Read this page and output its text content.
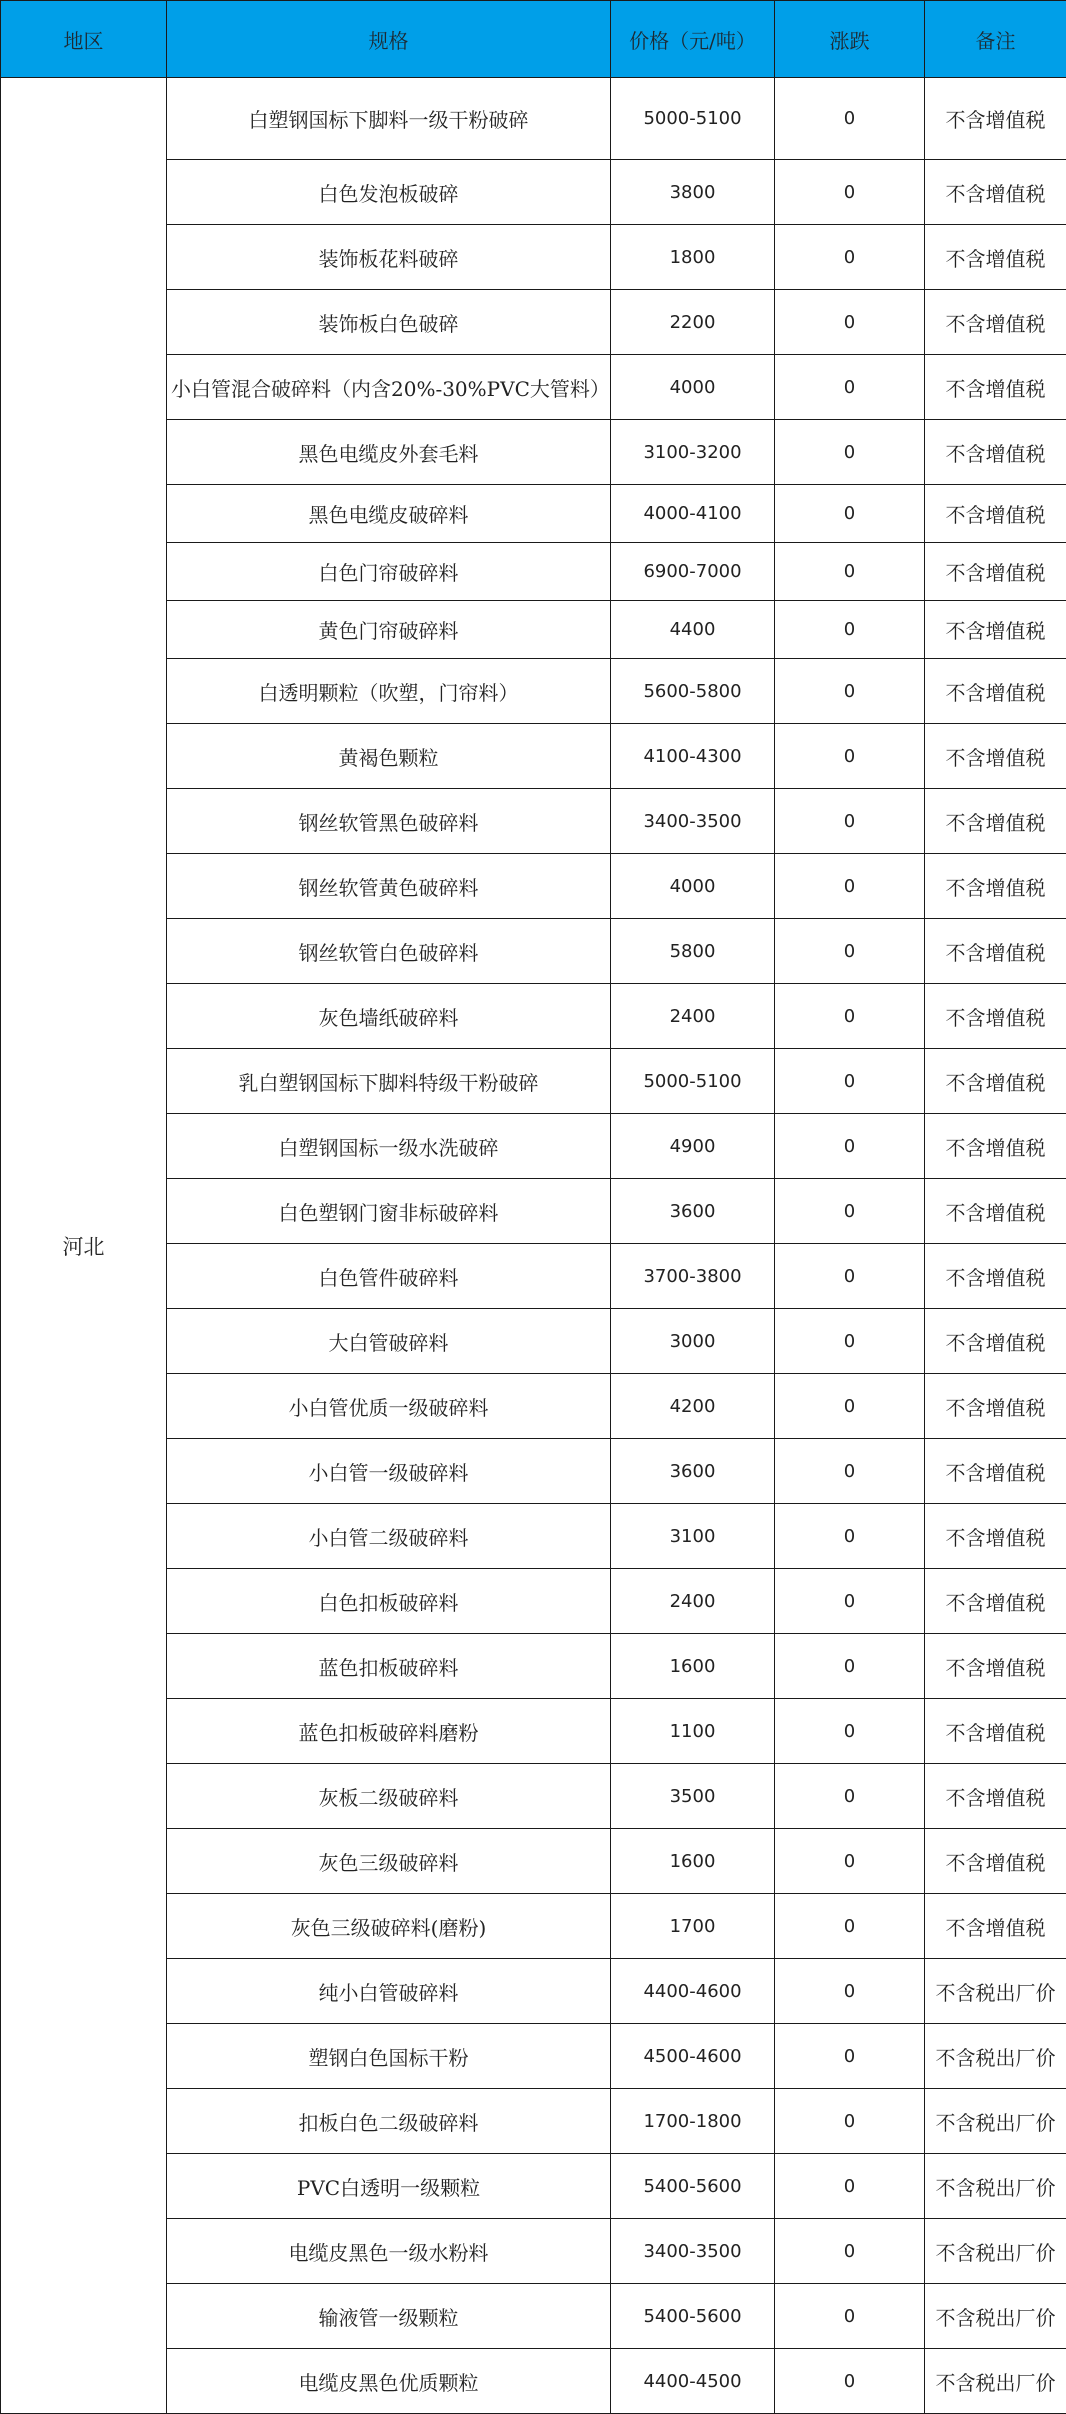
地区	规格	价格（元/吨）	涨跌	备注
河北	白塑钢国标下脚料一级干粉破碎	5000-5100	0	不含增值税
	白色发泡板破碎	3800	0	不含增值税
	装饰板花料破碎	1800	0	不含增值税
	装饰板白色破碎	2200	0	不含增值税
	小白管混合破碎料（内含20%-30%PVC大管料）	4000	0	不含增值税
	黑色电缆皮外套毛料	3100-3200	0	不含增值税
	黑色电缆皮破碎料	4000-4100	0	不含增值税
	白色门帘破碎料	6900-7000	0	不含增值税
	黄色门帘破碎料	4400	0	不含增值税
	白透明颗粒（吹塑，门帘料）	5600-5800	0	不含增值税
	黄褐色颗粒	4100-4300	0	不含增值税
	钢丝软管黑色破碎料	3400-3500	0	不含增值税
	钢丝软管黄色破碎料	4000	0	不含增值税
	钢丝软管白色破碎料	5800	0	不含增值税
	灰色墙纸破碎料	2400	0	不含增值税
	乳白塑钢国标下脚料特级干粉破碎	5000-5100	0	不含增值税
	白塑钢国标一级水洗破碎	4900	0	不含增值税
	白色塑钢门窗非标破碎料	3600	0	不含增值税
	白色管件破碎料	3700-3800	0	不含增值税
	大白管破碎料	3000	0	不含增值税
	小白管优质一级破碎料	4200	0	不含增值税
	小白管一级破碎料	3600	0	不含增值税
	小白管二级破碎料	3100	0	不含增值税
	白色扣板破碎料	2400	0	不含增值税
	蓝色扣板破碎料	1600	0	不含增值税
	蓝色扣板破碎料磨粉	1100	0	不含增值税
	灰板二级破碎料	3500	0	不含增值税
	灰色三级破碎料	1600	0	不含增值税
	灰色三级破碎料(磨粉)	1700	0	不含增值税
	纯小白管破碎料	4400-4600	0	不含税出厂价
	塑钢白色国标干粉	4500-4600	0	不含税出厂价
	扣板白色二级破碎料	1700-1800	0	不含税出厂价
	PVC白透明一级颗粒	5400-5600	0	不含税出厂价
	电缆皮黑色一级水粉料	3400-3500	0	不含税出厂价
	输液管一级颗粒	5400-5600	0	不含税出厂价
	电缆皮黑色优质颗粒	4400-4500	0	不含税出厂价
